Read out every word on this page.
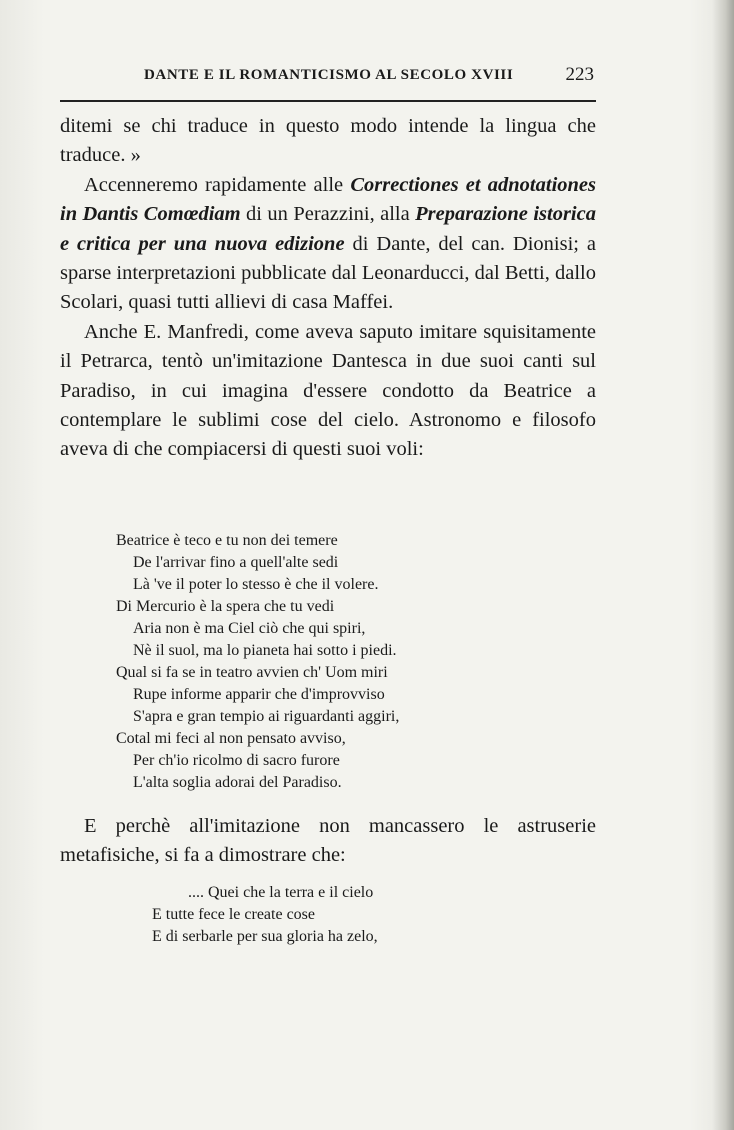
DANTE E IL ROMANTICISMO AL SECOLO XVIII	223

ditemi se chi traduce in questo modo intende la lingua che traduce. »

Accenneremo rapidamente alle Correctiones et adnotationes in Dantis Comœdiam di un Perazzini, alla Preparazione istorica e critica per una nuova edizione di Dante, del can. Dionisi; a sparse interpretazioni pubblicate dal Leonarducci, dal Betti, dallo Scolari, quasi tutti allievi di casa Maffei.

Anche E. Manfredi, come aveva saputo imitare squisitamente il Petrarca, tentò un'imitazione Dantesca in due suoi canti sul Paradiso, in cui imagina d'essere condotto da Beatrice a contemplare le sublimi cose del cielo. Astronomo e filosofo aveva di che compiacersi di questi suoi voli:

Beatrice è teco e tu non dei temere
De l'arrivar fino a quell'alte sedi
Là 've il poter lo stesso è che il volere.
Di Mercurio è la spera che tu vedi
Aria non è ma Ciel ciò che qui spiri,
Nè il suol, ma lo pianeta hai sotto i piedi.
Qual si fa se in teatro avvien ch' Uom miri
Rupe informe apparir che d'improvviso
S'apra e gran tempio ai riguardanti aggiri,
Cotal mi feci al non pensato avviso,
Per ch'io ricolmo di sacro furore
L'alta soglia adorai del Paradiso.

E perchè all'imitazione non mancassero le astruserie metafisiche, si fa a dimostrare che:

.... Quei che la terra e il cielo
E tutte fece le create cose
E di serbarle per sua gloria ha zelo,
